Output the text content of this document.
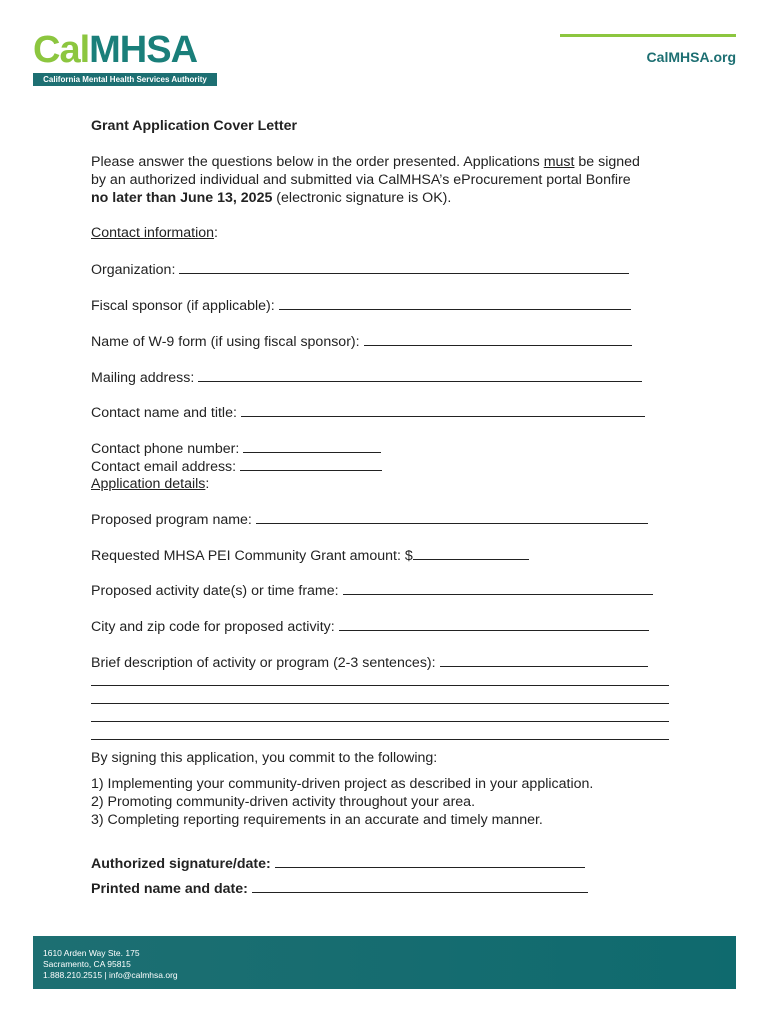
CalMHSA
California Mental Health Services Authority
CalMHSA.org
Grant Application Cover Letter
Please answer the questions below in the order presented. Applications must be signed
by an authorized individual and submitted via CalMHSA’s eProcurement portal Bonfire
no later than June 13, 2025 (electronic signature is OK).
Contact information:
Organization:
Fiscal sponsor (if applicable):
Name of W-9 form (if using fiscal sponsor):
Mailing address:
Contact name and title:
Contact phone number:
Contact email address:
Application details:
Proposed program name:
Requested MHSA PEI Community Grant amount: $
Proposed activity date(s) or time frame:
City and zip code for proposed activity:
Brief description of activity or program (2-3 sentences):
By signing this application, you commit to the following:
1) Implementing your community-driven project as described in your application.
2) Promoting community-driven activity throughout your area.
3) Completing reporting requirements in an accurate and timely manner.
Authorized signature/date:
Printed name and date:
1610 Arden Way Ste. 175
Sacramento, CA 95815
1.888.210.2515 | info@calmhsa.org
